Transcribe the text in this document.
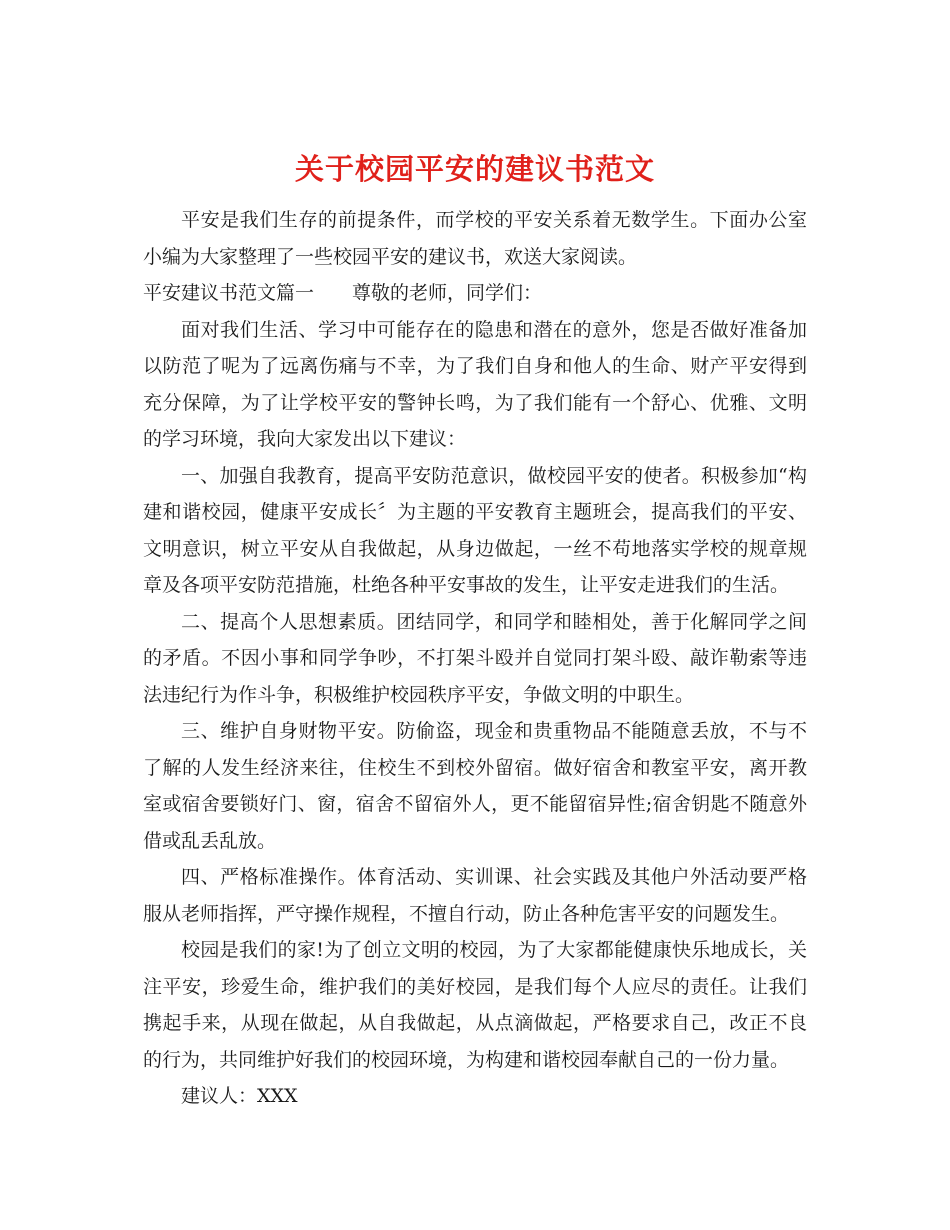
关于校园平安的建议书范文

平安是我们生存的前提条件，而学校的平安关系着无数学生。下面办公室小编为大家整理了一些校园平安的建议书，欢送大家阅读。

平安建议书范文篇一 尊敬的老师，同学们：

面对我们生活、学习中可能存在的隐患和潜在的意外，您是否做好准备加以防范了呢为了远离伤痛与不幸，为了我们自身和他人的生命、财产平安得到充分保障，为了让学校平安的警钟长鸣，为了我们能有一个舒心、优雅、文明的学习环境，我向大家发出以下建议：

一、加强自我教育，提高平安防范意识，做校园平安的使者。积极参加“构建和谐校园，健康平安成长〞为主题的平安教育主题班会，提高我们的平安、文明意识，树立平安从自我做起，从身边做起，一丝不苟地落实学校的规章规章及各项平安防范措施，杜绝各种平安事故的发生，让平安走进我们的生活。

二、提高个人思想素质。团结同学，和同学和睦相处，善于化解同学之间的矛盾。不因小事和同学争吵，不打架斗殴并自觉同打架斗殴、敲诈勒索等违法违纪行为作斗争，积极维护校园秩序平安，争做文明的中职生。

三、维护自身财物平安。防偷盗，现金和贵重物品不能随意丢放，不与不了解的人发生经济来往，住校生不到校外留宿。做好宿舍和教室平安，离开教室或宿舍要锁好门、窗，宿舍不留宿外人，更不能留宿异性;宿舍钥匙不随意外借或乱丢乱放。

四、严格标准操作。体育活动、实训课、社会实践及其他户外活动要严格服从老师指挥，严守操作规程，不擅自行动，防止各种危害平安的问题发生。

校园是我们的家!为了创立文明的校园，为了大家都能健康快乐地成长，关注平安，珍爱生命，维护我们的美好校园，是我们每个人应尽的责任。让我们携起手来，从现在做起，从自我做起，从点滴做起，严格要求自己，改正不良的行为，共同维护好我们的校园环境，为构建和谐校园奉献自己的一份力量。

建议人：XXX
